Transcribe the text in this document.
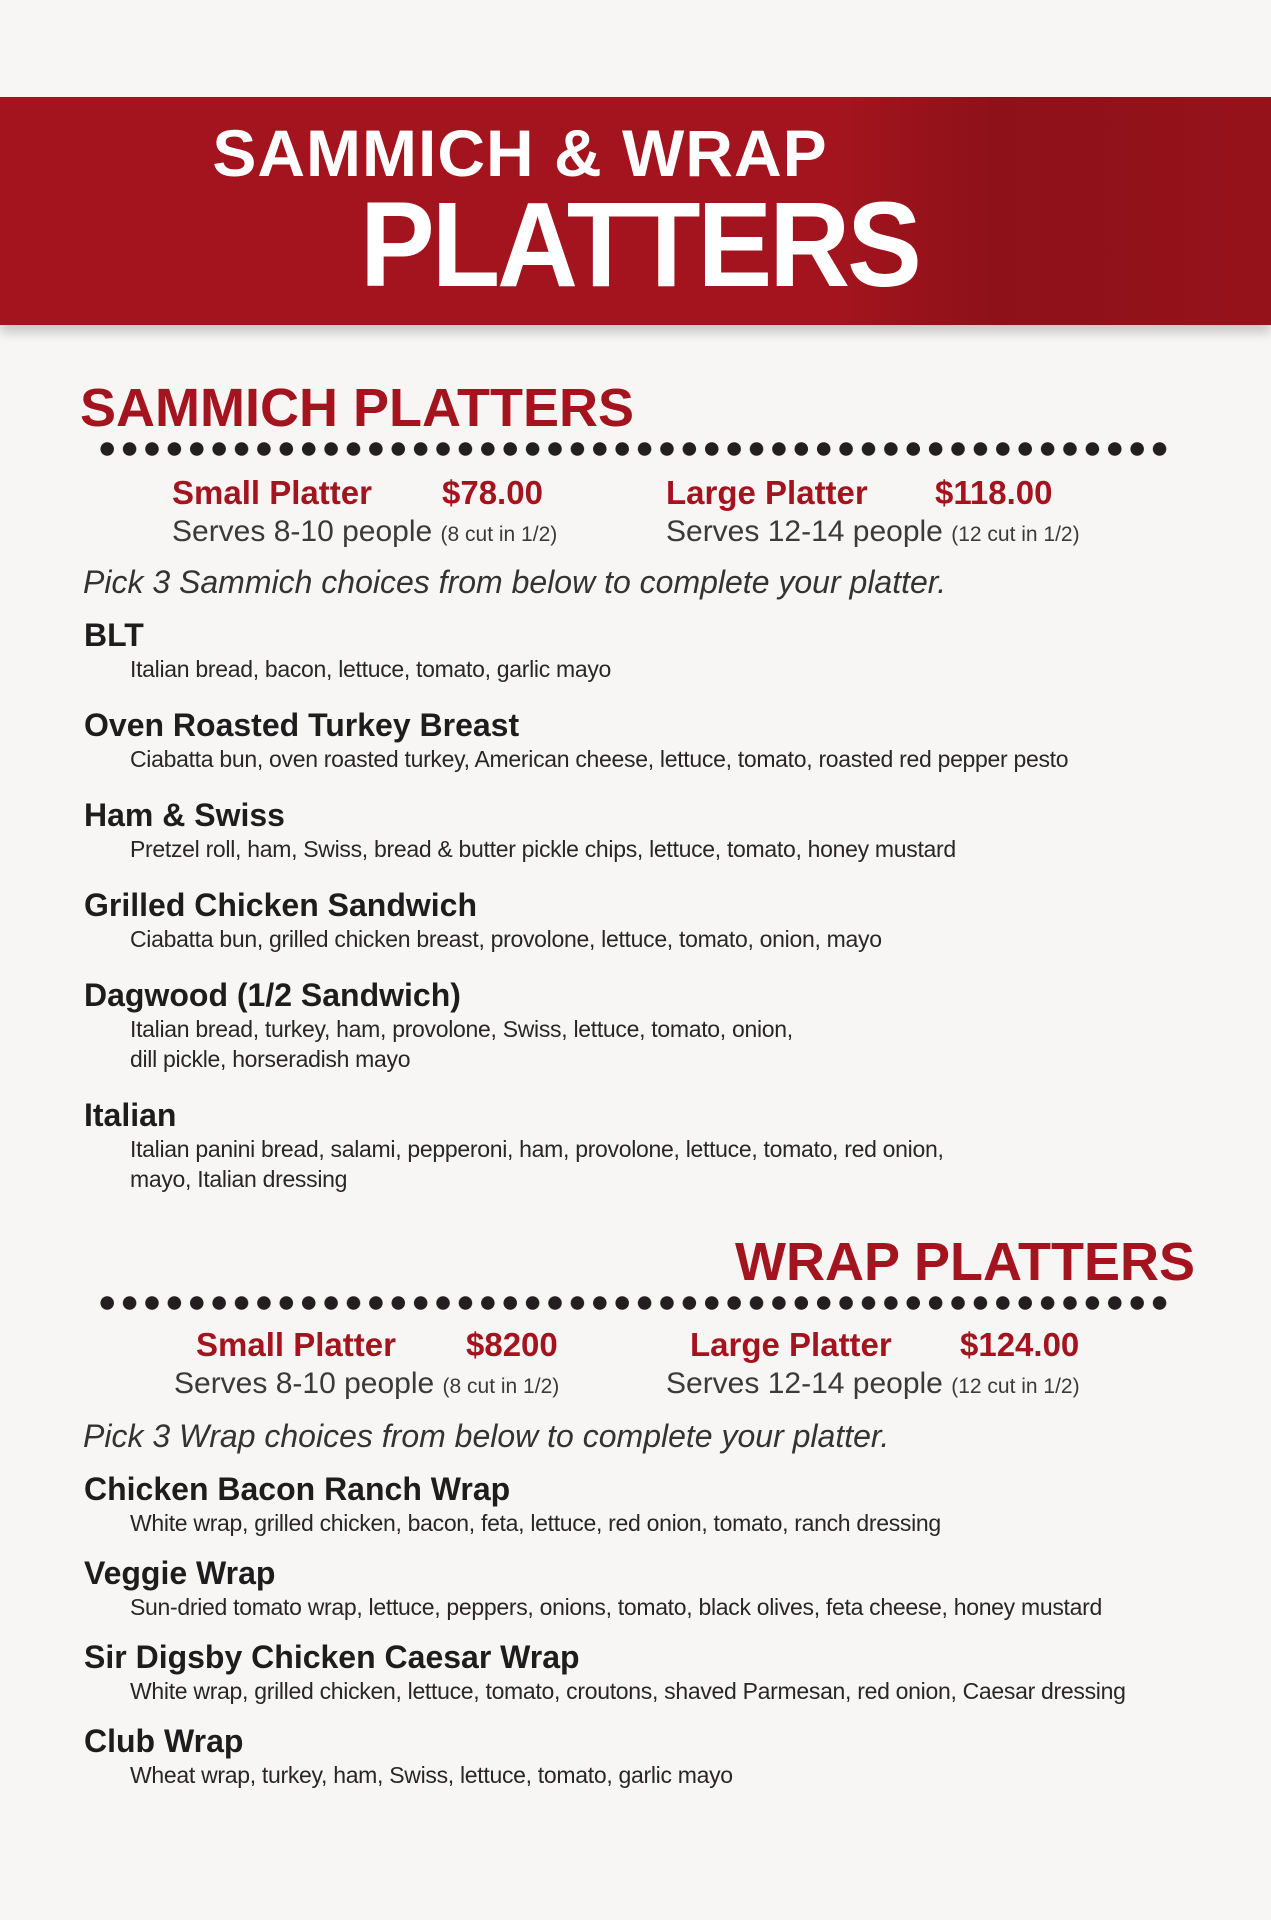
SAMMICH & WRAP
PLATTERS
SAMMICH PLATTERS
Small Platter $78.00
Serves 8-10 people (8 cut in 1/2)
Large Platter $118.00
Serves 12-14 people (12 cut in 1/2)
Pick 3 Sammich choices from below to complete your platter.
BLT
Italian bread, bacon, lettuce, tomato, garlic mayo
Oven Roasted Turkey Breast
Ciabatta bun, oven roasted turkey, American cheese, lettuce, tomato, roasted red pepper pesto
Ham & Swiss
Pretzel roll, ham, Swiss, bread & butter pickle chips, lettuce, tomato, honey mustard
Grilled Chicken Sandwich
Ciabatta bun, grilled chicken breast, provolone, lettuce, tomato, onion, mayo
Dagwood (1/2 Sandwich)
Italian bread, turkey, ham, provolone, Swiss, lettuce, tomato, onion,
dill pickle, horseradish mayo
Italian
Italian panini bread, salami, pepperoni, ham, provolone, lettuce, tomato, red onion,
mayo, Italian dressing
WRAP PLATTERS
Small Platter $8200
Serves 8-10 people (8 cut in 1/2)
Large Platter $124.00
Serves 12-14 people (12 cut in 1/2)
Pick 3 Wrap choices from below to complete your platter.
Chicken Bacon Ranch Wrap
White wrap, grilled chicken, bacon, feta, lettuce, red onion, tomato, ranch dressing
Veggie Wrap
Sun-dried tomato wrap, lettuce, peppers, onions, tomato, black olives, feta cheese, honey mustard
Sir Digsby Chicken Caesar Wrap
White wrap, grilled chicken, lettuce, tomato, croutons, shaved Parmesan, red onion, Caesar dressing
Club Wrap
Wheat wrap, turkey, ham, Swiss, lettuce, tomato, garlic mayo
